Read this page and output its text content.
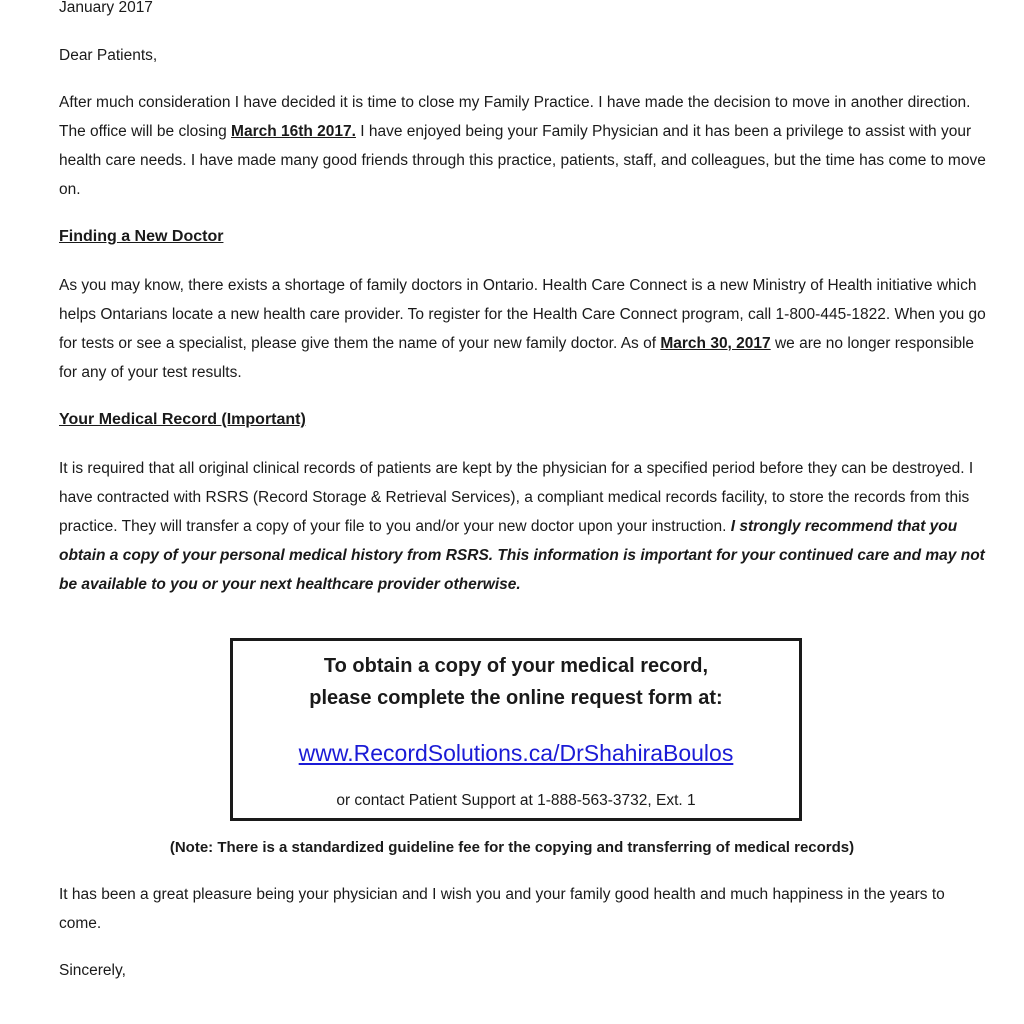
January 2017
Dear Patients,

After much consideration I have decided it is time to close my Family Practice. I have made the decision to move in another direction. The office will be closing March 16th 2017. I have enjoyed being your Family Physician and it has been a privilege to assist with your health care needs. I have made many good friends through this practice, patients, staff, and colleagues, but the time has come to move on.

Finding a New Doctor

As you may know, there exists a shortage of family doctors in Ontario. Health Care Connect is a new Ministry of Health initiative which helps Ontarians locate a new health care provider. To register for the Health Care Connect program, call 1-800-445-1822. When you go for tests or see a specialist, please give them the name of your new family doctor. As of March 30, 2017 we are no longer responsible for any of your test results.

Your Medical Record (Important)

It is required that all original clinical records of patients are kept by the physician for a specified period before they can be destroyed. I have contracted with RSRS (Record Storage & Retrieval Services), a compliant medical records facility, to store the records from this practice. They will transfer a copy of your file to you and/or your new doctor upon your instruction. I strongly recommend that you obtain a copy of your personal medical history from RSRS. This information is important for your continued care and may not be available to you or your next healthcare provider otherwise.

It has been a great pleasure being your physician and I wish you and your family good health and much happiness in the years to come.

Sincerely,
To obtain a copy of your medical record,
please complete the online request form at:
www.RecordSolutions.ca/DrShahiraBoulos
or contact Patient Support at 1-888-563-3732, Ext. 1
(Note: There is a standardized guideline fee for the copying and transferring of medical records)
